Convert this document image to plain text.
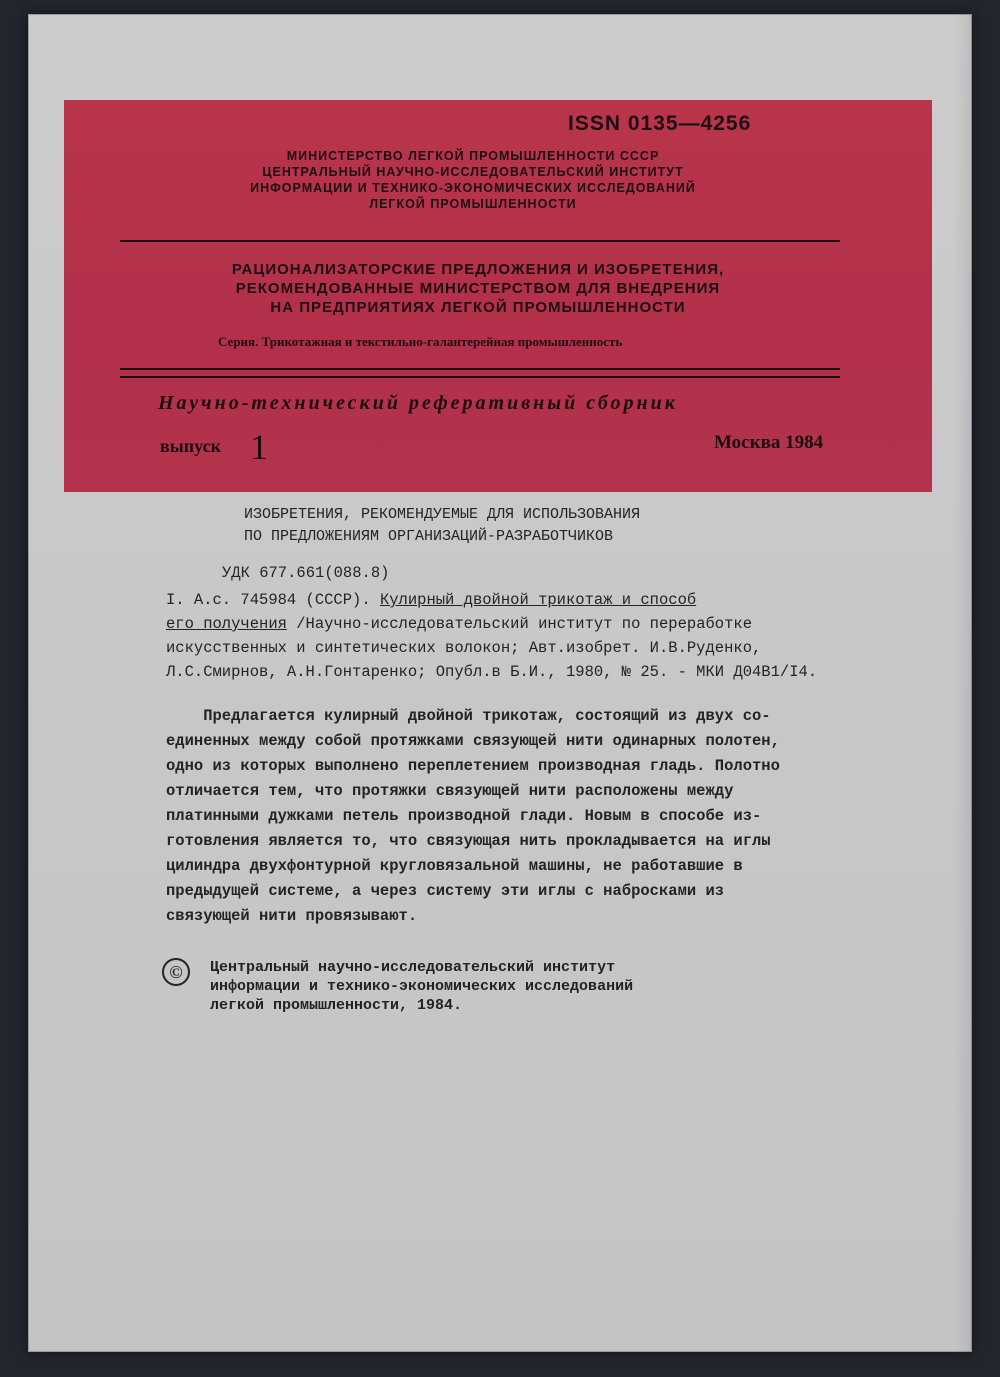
ISSN 0135—4256
МИНИСТЕРСТВО ЛЕГКОЙ ПРОМЫШЛЕННОСТИ СССР
ЦЕНТРАЛЬНЫЙ НАУЧНО-ИССЛЕДОВАТЕЛЬСКИЙ ИНСТИТУТ
ИНФОРМАЦИИ И ТЕХНИКО-ЭКОНОМИЧЕСКИХ ИССЛЕДОВАНИЙ
ЛЕГКОЙ ПРОМЫШЛЕННОСТИ
РАЦИОНАЛИЗАТОРСКИЕ ПРЕДЛОЖЕНИЯ И ИЗОБРЕТЕНИЯ,
РЕКОМЕНДОВАННЫЕ МИНИСТЕРСТВОМ ДЛЯ ВНЕДРЕНИЯ
НА ПРЕДПРИЯТИЯХ ЛЕГКОЙ ПРОМЫШЛЕННОСТИ
Серия. Трикотажная и текстильно-галантерейная промышленность
Научно-технический реферативный сборник
выпуск 1	Москва 1984
ИЗОБРЕТЕНИЯ, РЕКОМЕНДУЕМЫЕ ДЛЯ ИСПОЛЬЗОВАНИЯ
ПО ПРЕДЛОЖЕНИЯМ ОРГАНИЗАЦИЙ-РАЗРАБОТЧИКОВ
УДК 677.661(088.8)
I. А.с. 745984 (СССР). Кулирный двойной трикотаж и способ
его получения /Научно-исследовательский институт по переработке
искусственных и синтетических волокон; Авт.изобрет. И.В.Руденко,
Л.С.Смирнов, А.Н.Гонтаренко; Опубл.в Б.И., 1980, № 25. - МКИ Д04В1/I4.
Предлагается кулирный двойной трикотаж, состоящий из двух со-
единенных между собой протяжками связующей нити одинарных полотен,
одно из которых выполнено переплетением производная гладь. Полотно
отличается тем, что протяжки связующей нити расположены между
платинными дужками петель производной глади. Новым в способе из-
готовления является то, что связующая нить прокладывается на иглы
цилиндра двухфонтурной кругловязальной машины, не работавшие в
предыдущей системе, а через систему эти иглы с набросками из
связующей нити провязывают.
©	Центральный научно-исследовательский институт
информации и технико-экономических исследований
легкой промышленности, 1984.
